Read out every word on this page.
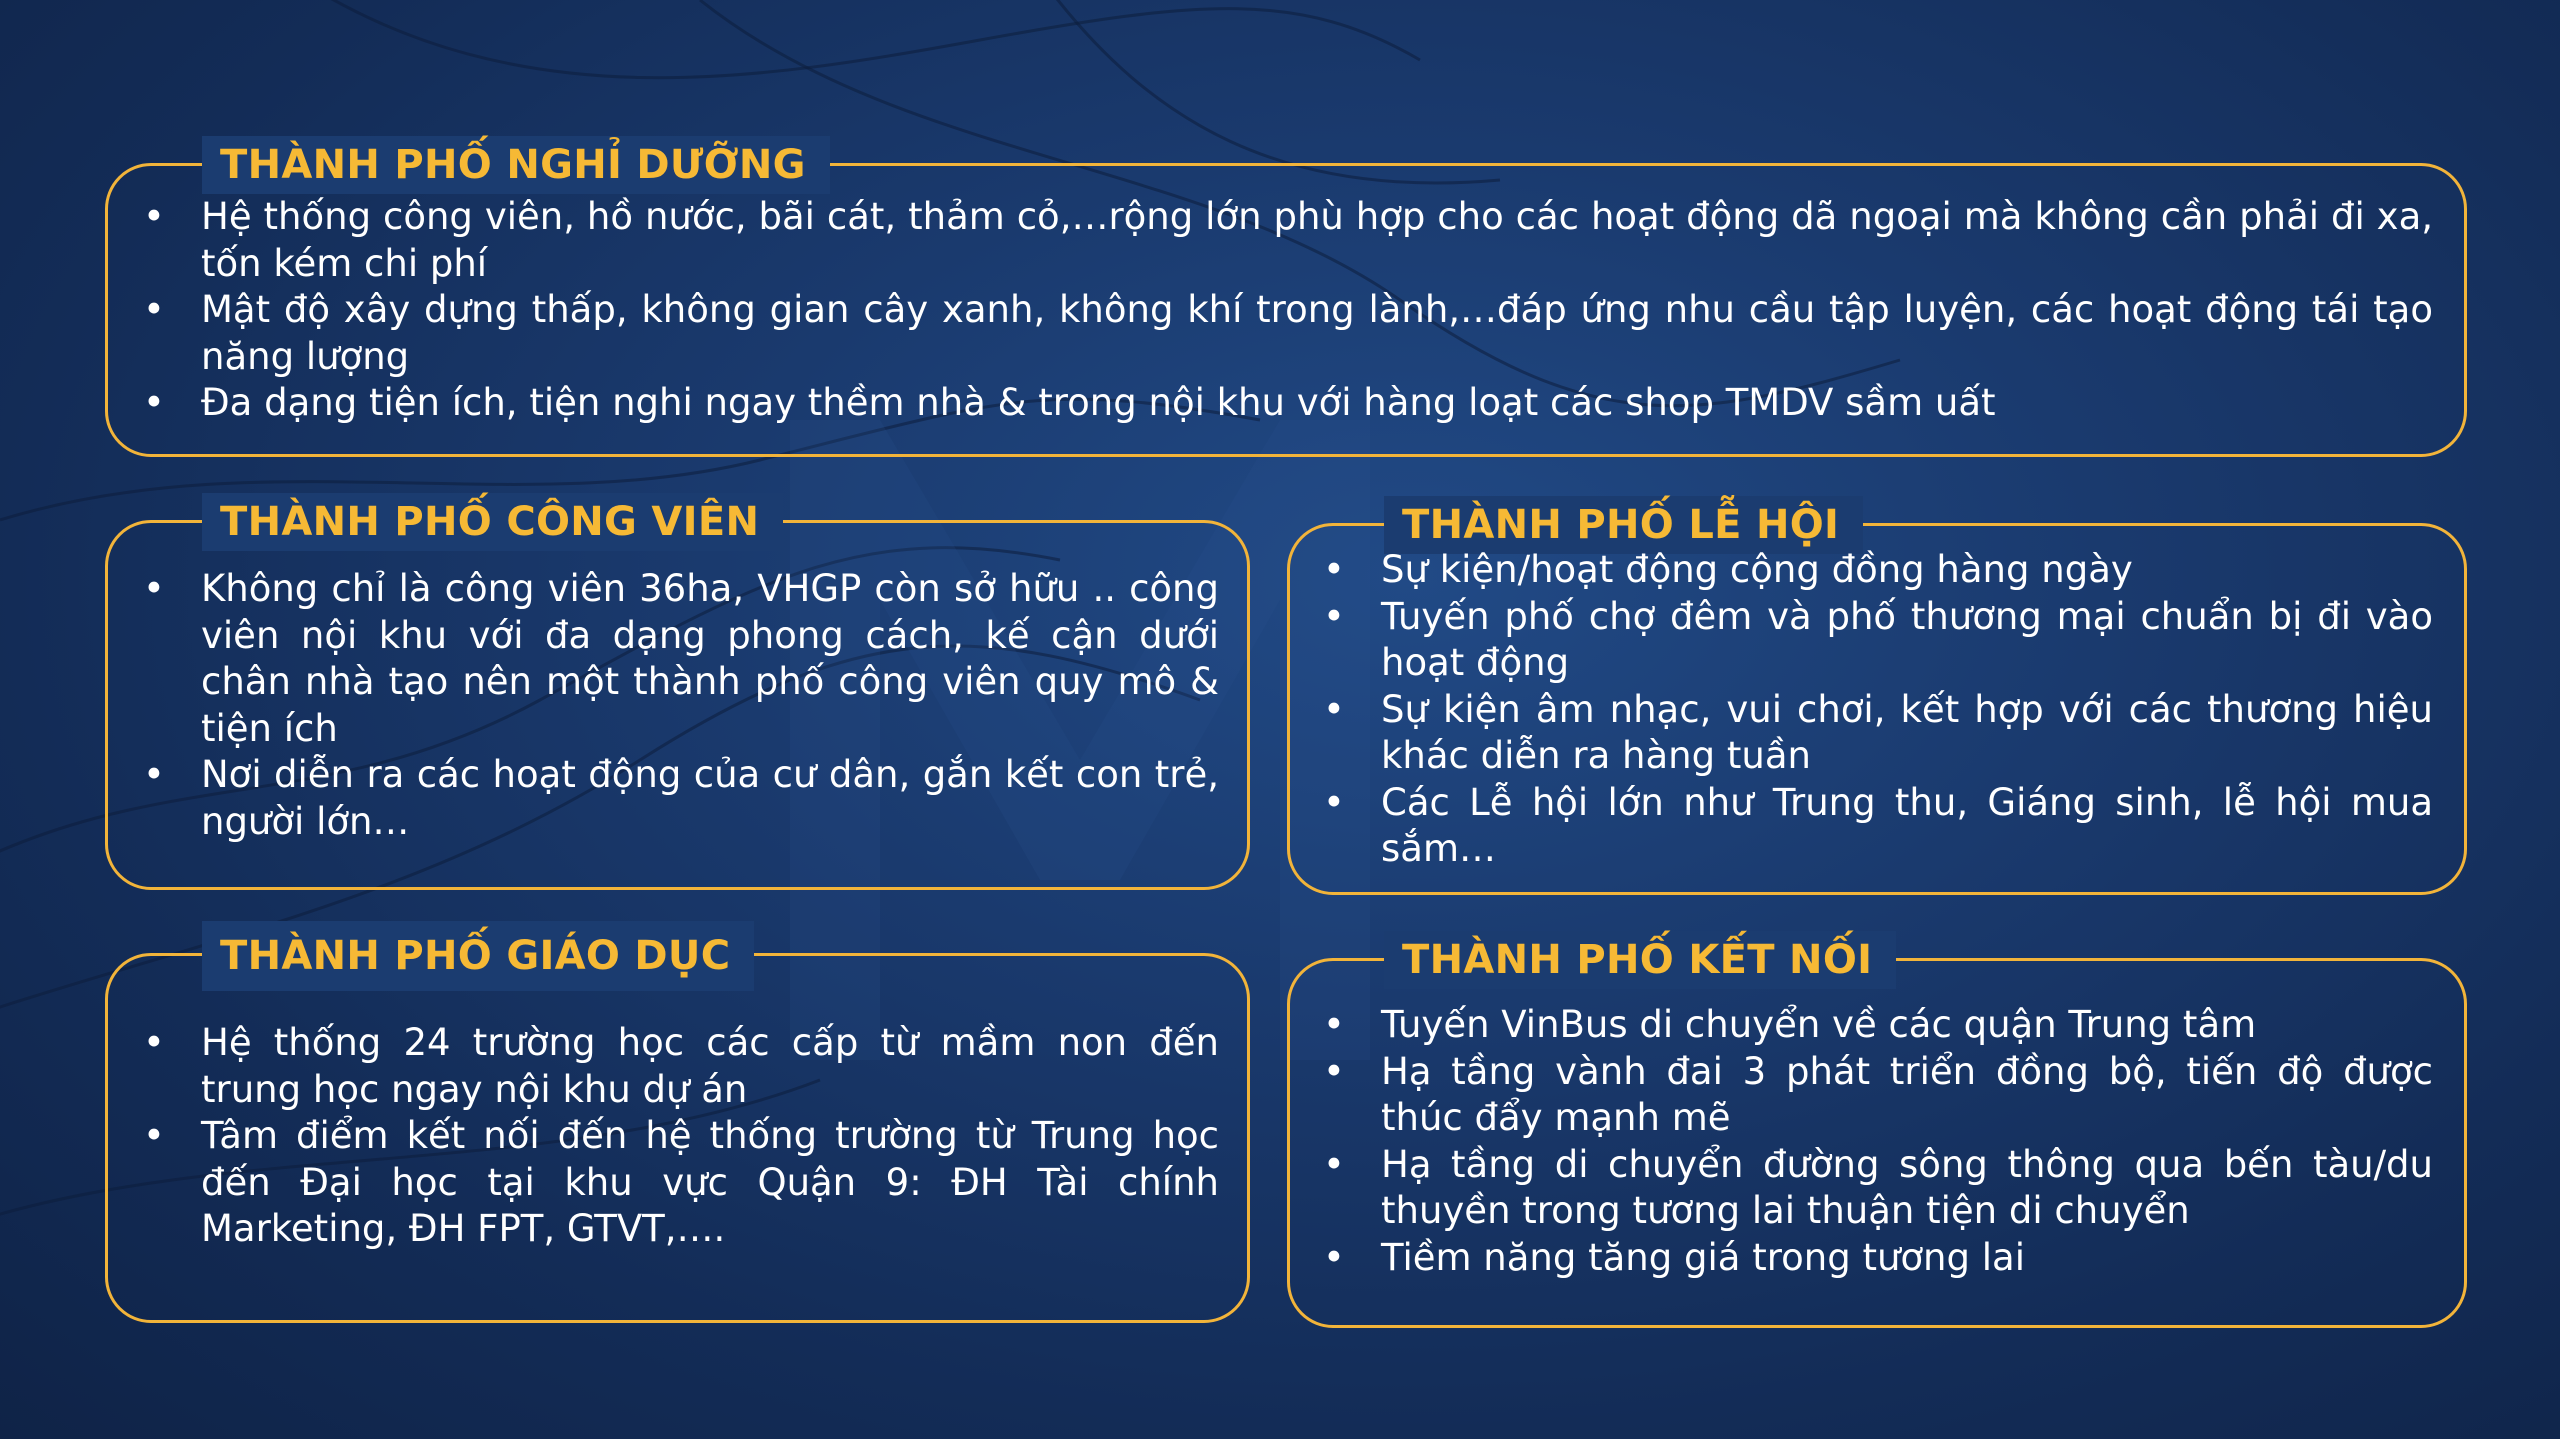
THÀNH PHỐ NGHỈ DƯỠNG
• Hệ thống công viên, hồ nước, bãi cát, thảm cỏ,…rộng lớn phù hợp cho các hoạt động dã ngoại mà không cần phải đi xa, tốn kém chi phí
• Mật độ xây dựng thấp, không gian cây xanh, không khí trong lành,…đáp ứng nhu cầu tập luyện, các hoạt động tái tạo năng lượng
• Đa dạng tiện ích, tiện nghi ngay thềm nhà & trong nội khu với hàng loạt các shop TMDV sầm uất
THÀNH PHỐ CÔNG VIÊN
• Không chỉ là công viên 36ha, VHGP còn sở hữu .. công viên nội khu với đa dạng phong cách, kế cận dưới chân nhà tạo nên một thành phố công viên quy mô & tiện ích
• Nơi diễn ra các hoạt động của cư dân, gắn kết con trẻ, người lớn…
THÀNH PHỐ LỄ HỘI
• Sự kiện/hoạt động cộng đồng hàng ngày
• Tuyến phố chợ đêm và phố thương mại chuẩn bị đi vào hoạt động
• Sự kiện âm nhạc, vui chơi, kết hợp với các thương hiệu khác diễn ra hàng tuần
• Các Lễ hội lớn như Trung thu, Giáng sinh, lễ hội mua sắm…
THÀNH PHỐ GIÁO DỤC
• Hệ thống 24 trường học các cấp từ mầm non đến trung học ngay nội khu dự án
• Tâm điểm kết nối đến hệ thống trường từ Trung học đến Đại học tại khu vực Quận 9: ĐH Tài chính Marketing, ĐH FPT, GTVT,….
THÀNH PHỐ KẾT NỐI
• Tuyến VinBus di chuyển về các quận Trung tâm
• Hạ tầng vành đai 3 phát triển đồng bộ, tiến độ được thúc đẩy mạnh mẽ
• Hạ tầng di chuyển đường sông thông qua bến tàu/du thuyền trong tương lai thuận tiện di chuyển
• Tiềm năng tăng giá trong tương lai
